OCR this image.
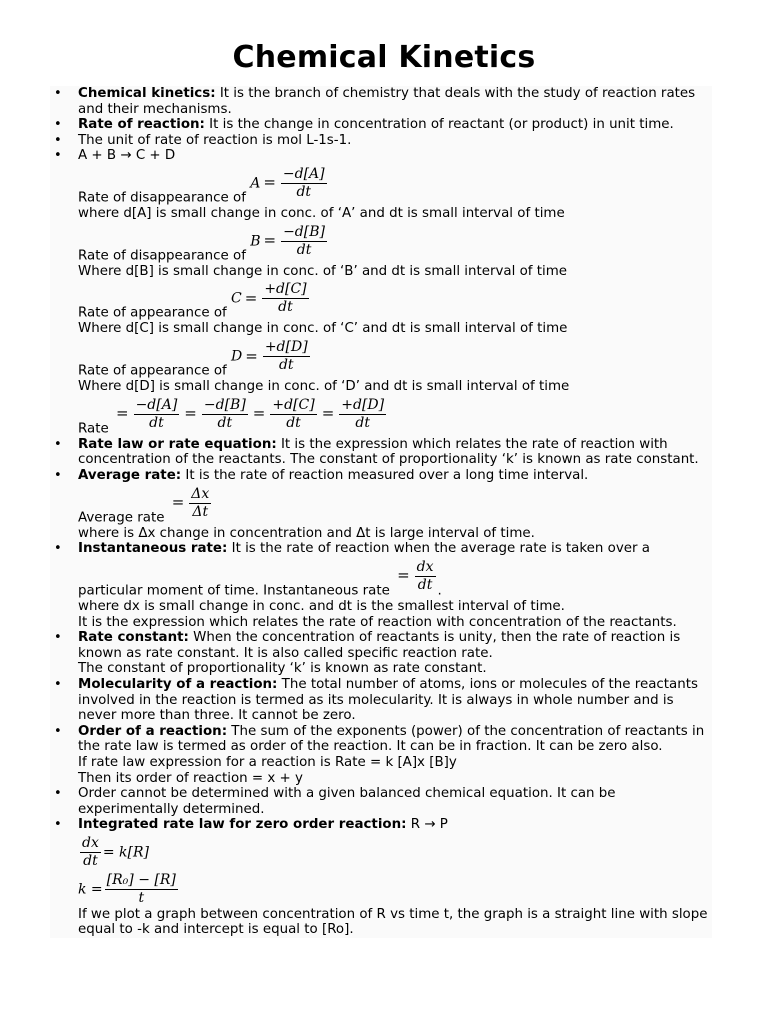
Chemical Kinetics
• Chemical kinetics: It is the branch of chemistry that deals with the study of reaction rates and their mechanisms.
• Rate of reaction: It is the change in concentration of reactant (or product) in unit time.
• The unit of rate of reaction is mol L-1s-1.
• A + B → C + D
Rate of disappearance of $A = \frac{-d[A]}{dt}$
where d[A] is small change in conc. of ‘A’ and dt is small interval of time
Rate of disappearance of $B = \frac{-d[B]}{dt}$
Where d[B] is small change in conc. of ‘B’ and dt is small interval of time
Rate of appearance of $C = \frac{+d[C]}{dt}$
Where d[C] is small change in conc. of ‘C’ and dt is small interval of time
Rate of appearance of $D = \frac{+d[D]}{dt}$
Where d[D] is small change in conc. of ‘D’ and dt is small interval of time
Rate = $\frac{-d[A]}{dt} = \frac{-d[B]}{dt} = \frac{+d[C]}{dt} = \frac{+d[D]}{dt}$
• Rate law or rate equation: It is the expression which relates the rate of reaction with concentration of the reactants. The constant of proportionality ‘k’ is known as rate constant.
• Average rate: It is the rate of reaction measured over a long time interval.
Average rate = $\frac{\Delta x}{\Delta t}$
where is Δx change in concentration and Δt is large interval of time.
• Instantaneous rate: It is the rate of reaction when the average rate is taken over a
particular moment of time. Instantaneous rate = $\frac{dx}{dt}$ .
where dx is small change in conc. and dt is the smallest interval of time.
It is the expression which relates the rate of reaction with concentration of the reactants.
• Rate constant: When the concentration of reactants is unity, then the rate of reaction is known as rate constant. It is also called specific reaction rate.
The constant of proportionality ‘k’ is known as rate constant.
• Molecularity of a reaction: The total number of atoms, ions or molecules of the reactants involved in the reaction is termed as its molecularity. It is always in whole number and is never more than three. It cannot be zero.
• Order of a reaction: The sum of the exponents (power) of the concentration of reactants in the rate law is termed as order of the reaction. It can be in fraction. It can be zero also.
If rate law expression for a reaction is Rate = k [A]x [B]y
Then its order of reaction = x + y
• Order cannot be determined with a given balanced chemical equation. It can be experimentally determined.
• Integrated rate law for zero order reaction: R → P
$\frac{dx}{dt} = k[R]$
$k = \frac{\text{[R₀] − [R]}}{t}$
If we plot a graph between concentration of R vs time t, the graph is a straight line with slope equal to -k and intercept is equal to [Ro].
